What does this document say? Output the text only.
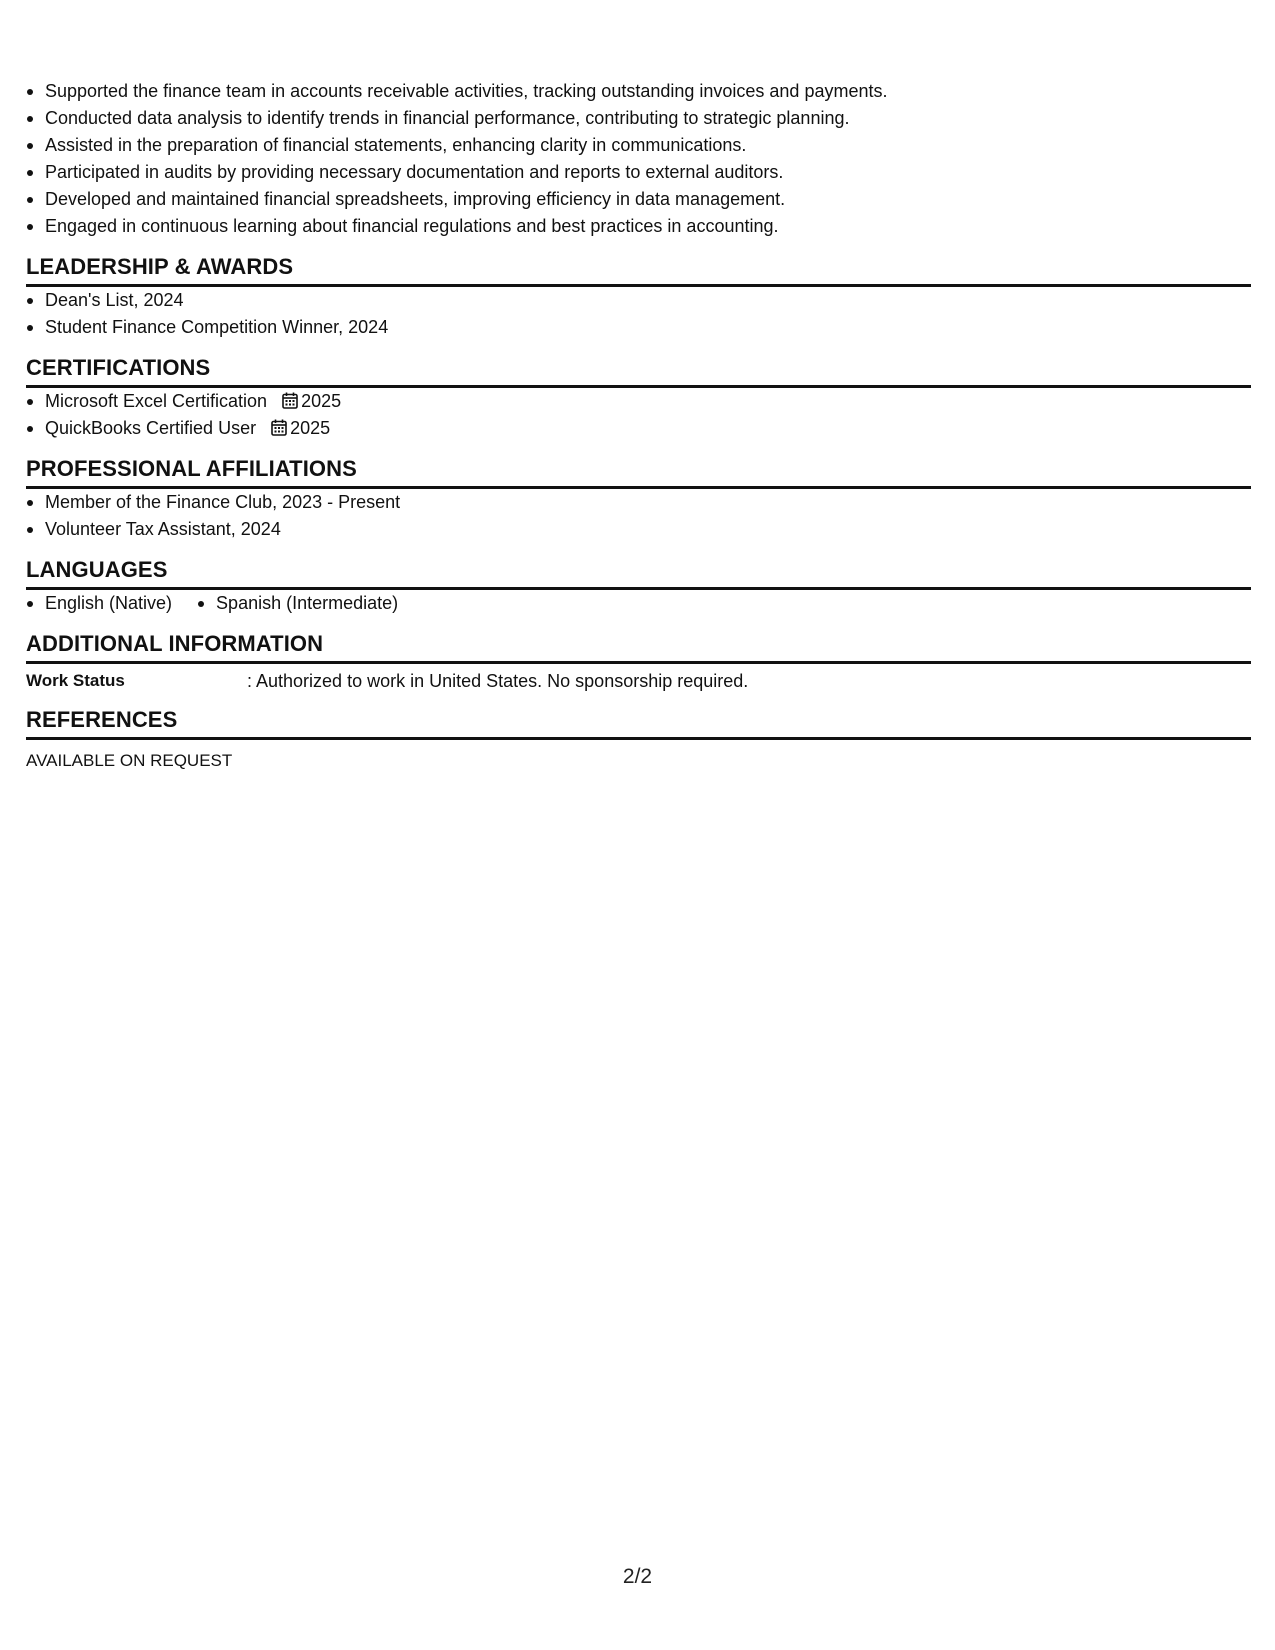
Supported the finance team in accounts receivable activities, tracking outstanding invoices and payments.
Conducted data analysis to identify trends in financial performance, contributing to strategic planning.
Assisted in the preparation of financial statements, enhancing clarity in communications.
Participated in audits by providing necessary documentation and reports to external auditors.
Developed and maintained financial spreadsheets, improving efficiency in data management.
Engaged in continuous learning about financial regulations and best practices in accounting.
LEADERSHIP & AWARDS
Dean's List, 2024
Student Finance Competition Winner, 2024
CERTIFICATIONS
Microsoft Excel Certification 2025
QuickBooks Certified User 2025
PROFESSIONAL AFFILIATIONS
Member of the Finance Club, 2023 - Present
Volunteer Tax Assistant, 2024
LANGUAGES
English (Native)	Spanish (Intermediate)
ADDITIONAL INFORMATION
Work Status	: Authorized to work in United States. No sponsorship required.
REFERENCES
AVAILABLE ON REQUEST
2/2
